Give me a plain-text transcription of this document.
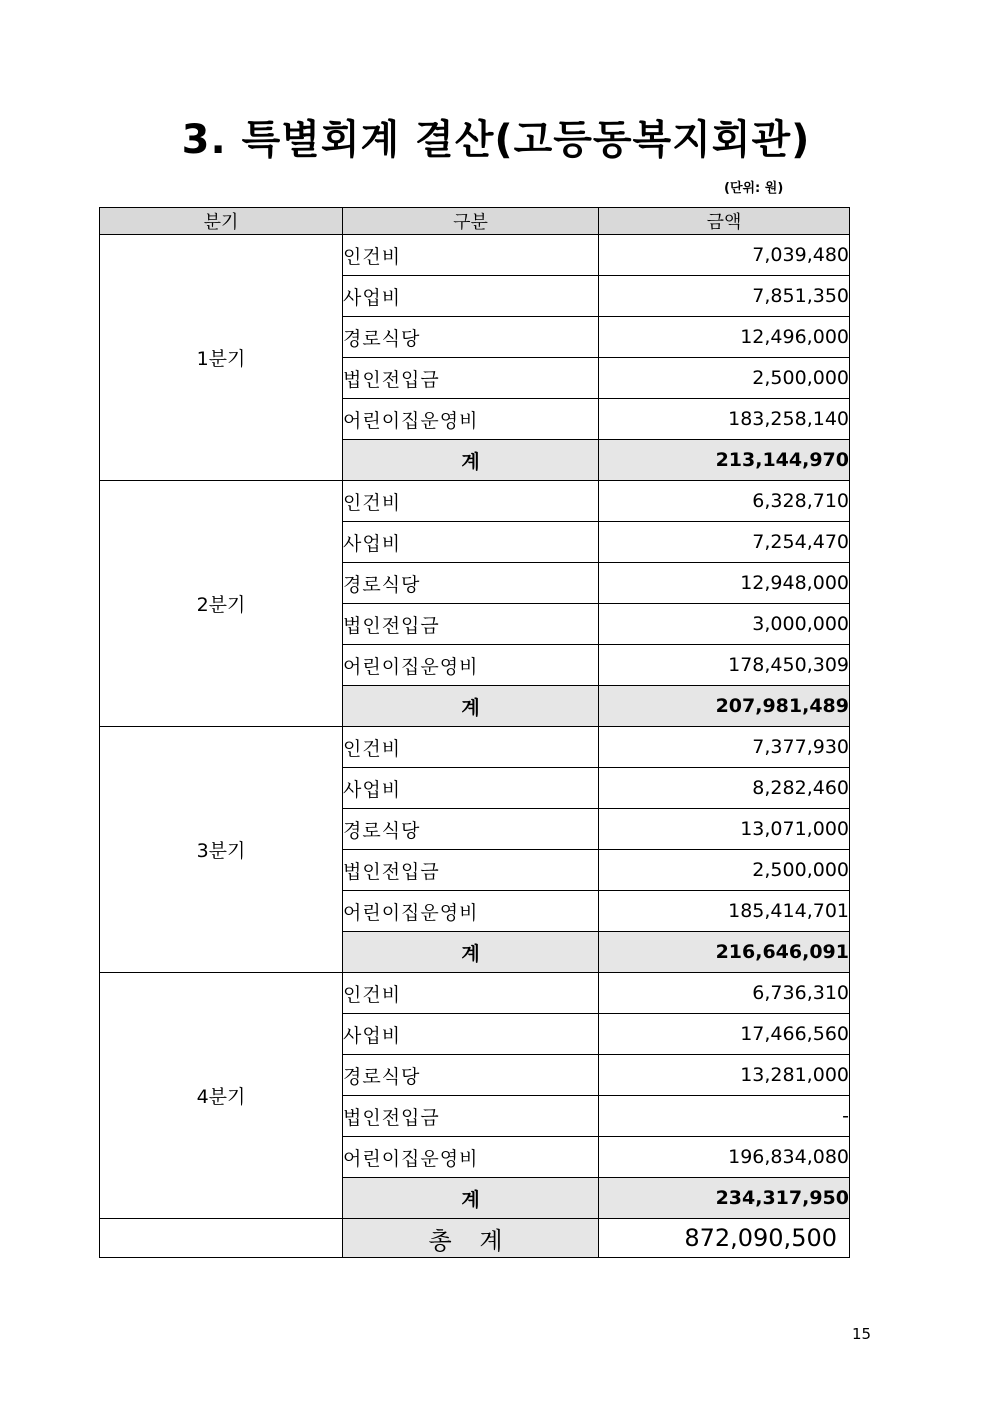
3. 특별회계 결산(고등동복지회관)
(단위: 원)
분기	구분	금액
1분기	인건비	7,039,480
	사업비	7,851,350
	경로식당	12,496,000
	법인전입금	2,500,000
	어린이집운영비	183,258,140
	계	213,144,970
2분기	인건비	6,328,710
	사업비	7,254,470
	경로식당	12,948,000
	법인전입금	3,000,000
	어린이집운영비	178,450,309
	계	207,981,489
3분기	인건비	7,377,930
	사업비	8,282,460
	경로식당	13,071,000
	법인전입금	2,500,000
	어린이집운영비	185,414,701
	계	216,646,091
4분기	인건비	6,736,310
	사업비	17,466,560
	경로식당	13,281,000
	법인전입금	-
	어린이집운영비	196,834,080
	계	234,317,950
	총 계	872,090,500
15
